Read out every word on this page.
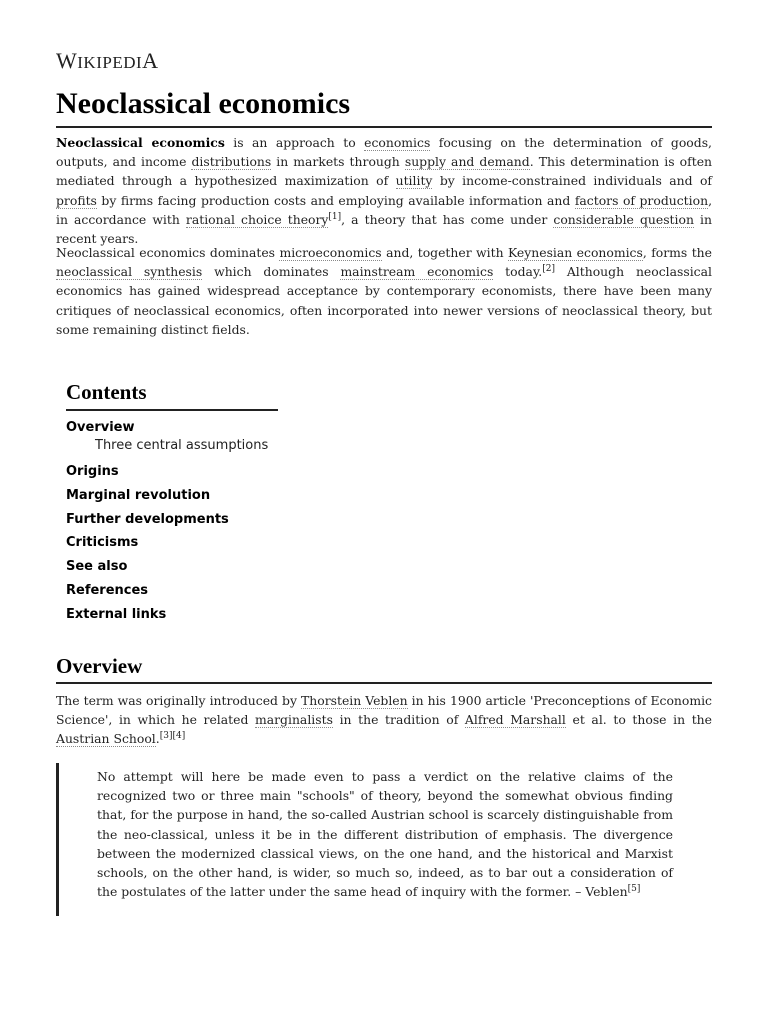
WIKIPEDIA
Neoclassical economics

Neoclassical economics is an approach to economics focusing on the determination of goods, outputs, and income distributions in markets through supply and demand. This determination is often mediated through a hypothesized maximization of utility by income-constrained individuals and of profits by firms facing production costs and employing available information and factors of production, in accordance with rational choice theory[1], a theory that has come under considerable question in recent years.

Neoclassical economics dominates microeconomics and, together with Keynesian economics, forms the neoclassical synthesis which dominates mainstream economics today.[2] Although neoclassical economics has gained widespread acceptance by contemporary economists, there have been many critiques of neoclassical economics, often incorporated into newer versions of neoclassical theory, but some remaining distinct fields.

Contents
Overview
Three central assumptions
Origins
Marginal revolution
Further developments
Criticisms
See also
References
External links
Overview

The term was originally introduced by Thorstein Veblen in his 1900 article 'Preconceptions of Economic Science', in which he related marginalists in the tradition of Alfred Marshall et al. to those in the Austrian School.[3][4]

No attempt will here be made even to pass a verdict on the relative claims of the recognized two or three main "schools" of theory, beyond the somewhat obvious finding that, for the purpose in hand, the so-called Austrian school is scarcely distinguishable from the neo-classical, unless it be in the different distribution of emphasis. The divergence between the modernized classical views, on the one hand, and the historical and Marxist schools, on the other hand, is wider, so much so, indeed, as to bar out a consideration of the postulates of the latter under the same head of inquiry with the former. – Veblen[5]
